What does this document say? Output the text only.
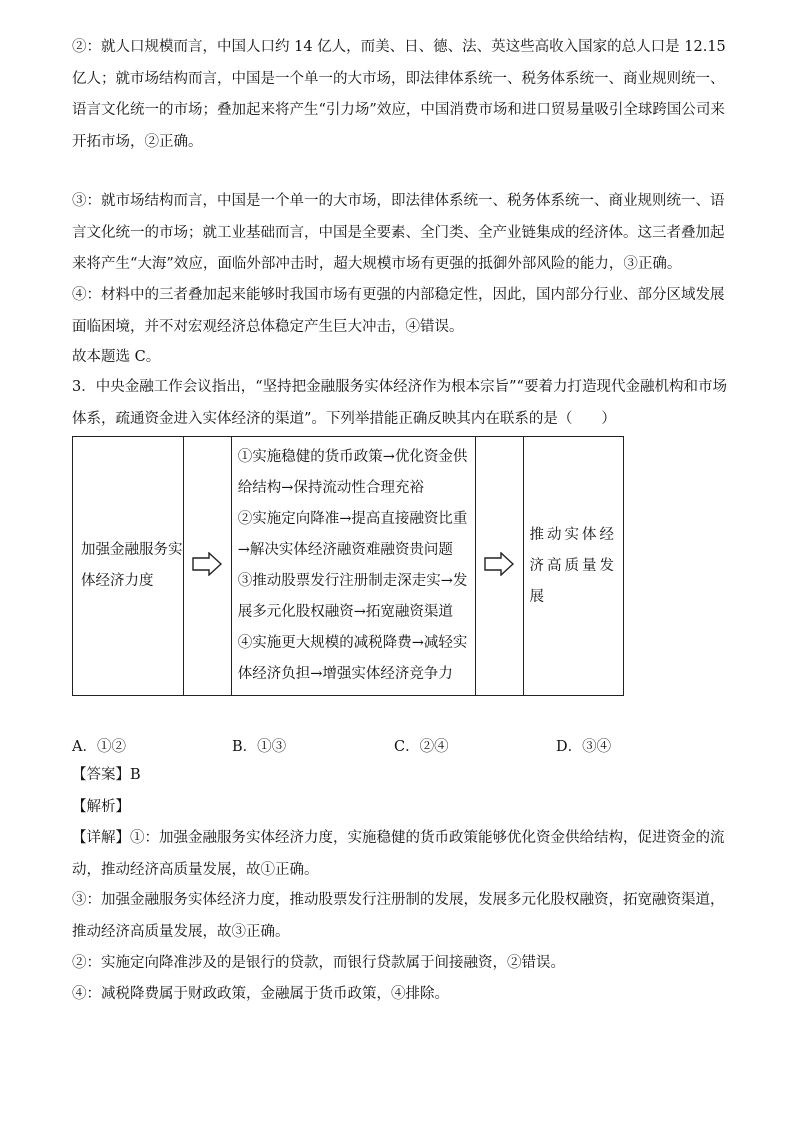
②：就人口规模而言，中国人口约 14 亿人，而美、日、德、法、英这些高收入国家的总人口是 12.15 亿人；就市场结构而言，中国是一个单一的大市场，即法律体系统一、税务体系统一、商业规则统一、语言文化统一的市场；叠加起来将产生“引力场”效应，中国消费市场和进口贸易量吸引全球跨国公司来开拓市场，②正确。

③：就市场结构而言，中国是一个单一的大市场，即法律体系统一、税务体系统一、商业规则统一、语言文化统一的市场；就工业基础而言，中国是全要素、全门类、全产业链集成的经济体。这三者叠加起来将产生“大海”效应，面临外部冲击时，超大规模市场有更强的抵御外部风险的能力，③正确。

④：材料中的三者叠加起来能够时我国市场有更强的内部稳定性，因此，国内部分行业、部分区域发展面临困境，并不对宏观经济总体稳定产生巨大冲击，④错误。

故本题选 C。

3．中央金融工作会议指出，“坚持把金融服务实体经济作为根本宗旨”“要着力打造现代金融机构和市场体系，疏通资金进入实体经济的渠道”。下列举措能正确反映其内在联系的是（　　）

加强金融服务实体经济力度		
①实施稳健的货币政策→优化资金供给结构→保持流动性合理充裕
②实施定向降准→提高直接融资比重→解决实体经济融资难融资贵问题
③推动股票发行注册制走深走实→发展多元化股权融资→拓宽融资渠道
④实施更大规模的减税降费→减轻实体经济负担→增强实体经济竞争力
		推动实体经济高质量发展
A．①②	B．①③	C．②④	D．③④
【答案】B
【解析】

【详解】①：加强金融服务实体经济力度，实施稳健的货币政策能够优化资金供给结构，促进资金的流动，推动经济高质量发展，故①正确。

③：加强金融服务实体经济力度，推动股票发行注册制的发展，发展多元化股权融资，拓宽融资渠道，推动经济高质量发展，故③正确。

②：实施定向降准涉及的是银行的贷款，而银行贷款属于间接融资，②错误。

④：减税降费属于财政政策，金融属于货币政策，④排除。
